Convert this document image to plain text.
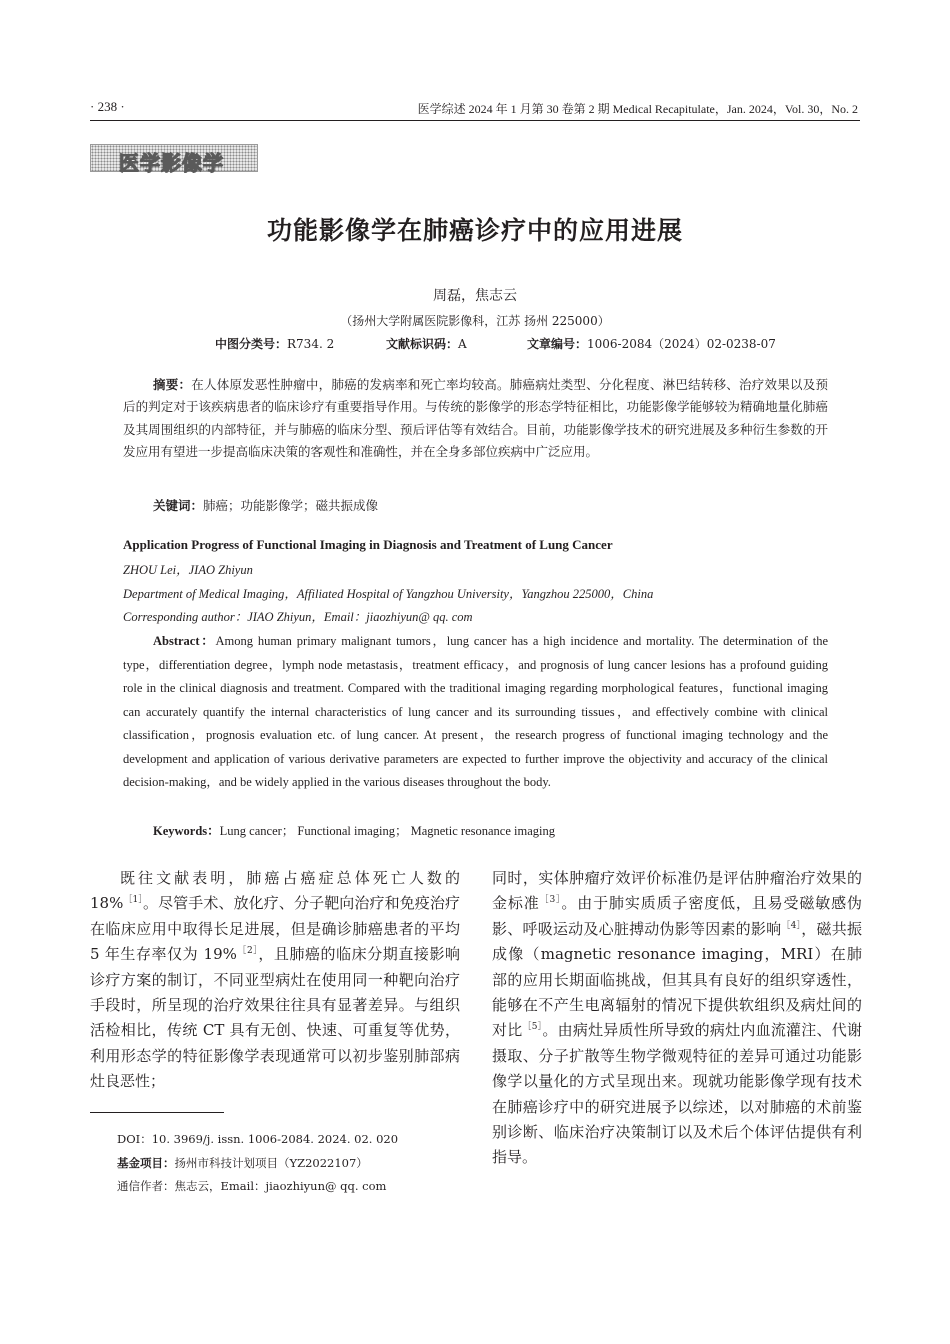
· 238 ·	医学综述 2024 年 1 月第 30 卷第 2 期 Medical Recapitulate，Jan. 2024，Vol. 30，No. 2
医学影像学
功能影像学在肺癌诊疗中的应用进展
周磊，焦志云
（扬州大学附属医院影像科，江苏 扬州 225000）
中图分类号：R734. 2	文献标识码：A	文章编号：1006-2084（2024）02-0238-07

摘要：在人体原发恶性肿瘤中，肺癌的发病率和死亡率均较高。肺癌病灶类型、分化程度、淋巴结转移、治疗效果以及预后的判定对于该疾病患者的临床诊疗有重要指导作用。与传统的影像学的形态学特征相比，功能影像学能够较为精确地量化肺癌及其周围组织的内部特征，并与肺癌的临床分型、预后评估等有效结合。目前，功能影像学技术的研究进展及多种衍生参数的开发应用有望进一步提高临床决策的客观性和准确性，并在全身多部位疾病中广泛应用。

关键词：肺癌；功能影像学；磁共振成像
Application Progress of Functional Imaging in Diagnosis and Treatment of Lung Cancer
ZHOU Lei，JIAO Zhiyun
Department of Medical Imaging，Affiliated Hospital of Yangzhou University，Yangzhou 225000，China
Corresponding author：JIAO Zhiyun，Email：jiaozhiyun@ qq. com
Abstract：Among human primary malignant tumors，lung cancer has a high incidence and mortality. The determination of the type，differentiation degree，lymph node metastasis，treatment efficacy，and prognosis of lung cancer lesions has a profound guiding role in the clinical diagnosis and treatment. Compared with the traditional imaging regarding morphological features，functional imaging can accurately quantify the internal characteristics of lung cancer and its surrounding tissues，and effectively combine with clinical classification，prognosis evaluation etc. of lung cancer. At present，the research progress of functional imaging technology and the development and application of various derivative parameters are expected to further improve the objectivity and accuracy of the clinical decision-making，and be widely applied in the various diseases throughout the body.
Keywords：Lung cancer； Functional imaging； Magnetic resonance imaging

既往文献表明，肺癌占癌症总体死亡人数的 18%$^{[1]}$。尽管手术、放化疗、分子靶向治疗和免疫治疗在临床应用中取得长足进展，但是确诊肺癌患者的平均 5 年生存率仅为 19%$^{[2]}$，且肺癌的临床分期直接影响诊疗方案的制订，不同亚型病灶在使用同一种靶向治疗手段时，所呈现的治疗效果往往具有显著差异。与组织活检相比，传统 CT 具有无创、快速、可重复等优势，利用形态学的特征影像学表现通常可以初步鉴别肺部病灶良恶性；

同时，实体肿瘤疗效评价标准仍是评估肿瘤治疗效果的金标准$^{[3]}$。由于肺实质质子密度低，且易受磁敏感伪影、呼吸运动及心脏搏动伪影等因素的影响$^{[4]}$，磁共振成像（magnetic resonance imaging，MRI）在肺部的应用长期面临挑战，但其具有良好的组织穿透性，能够在不产生电离辐射的情况下提供软组织及病灶间的对比$^{[5]}$。由病灶异质性所导致的病灶内血流灌注、代谢摄取、分子扩散等生物学微观特征的差异可通过功能影像学以量化的方式呈现出来。现就功能影像学现有技术在肺癌诊疗中的研究进展予以综述，以对肺癌的术前鉴别诊断、临床治疗决策制订以及术后个体评估提供有利指导。

DOI：10. 3969/j. issn. 1006-2084. 2024. 02. 020
基金项目：扬州市科技计划项目（YZ2022107）
通信作者：焦志云，Email：jiaozhiyun@ qq. com
